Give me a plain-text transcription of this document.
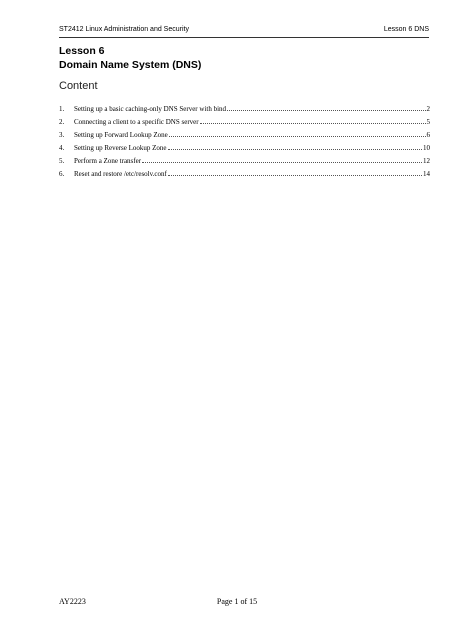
ST2412 Linux Administration and Security	Lesson 6 DNS
Lesson 6
Domain Name System (DNS)
Content
1.	Setting up a basic caching-only DNS Server with bind	2
2.	Connecting a client to a specific DNS server	5
3.	Setting up Forward Lookup Zone	6
4.	Setting up Reverse Lookup Zone	10
5.	Perform a Zone transfer	12
6.	Reset and restore /etc/resolv.conf	14
AY2223	Page 1 of 15
